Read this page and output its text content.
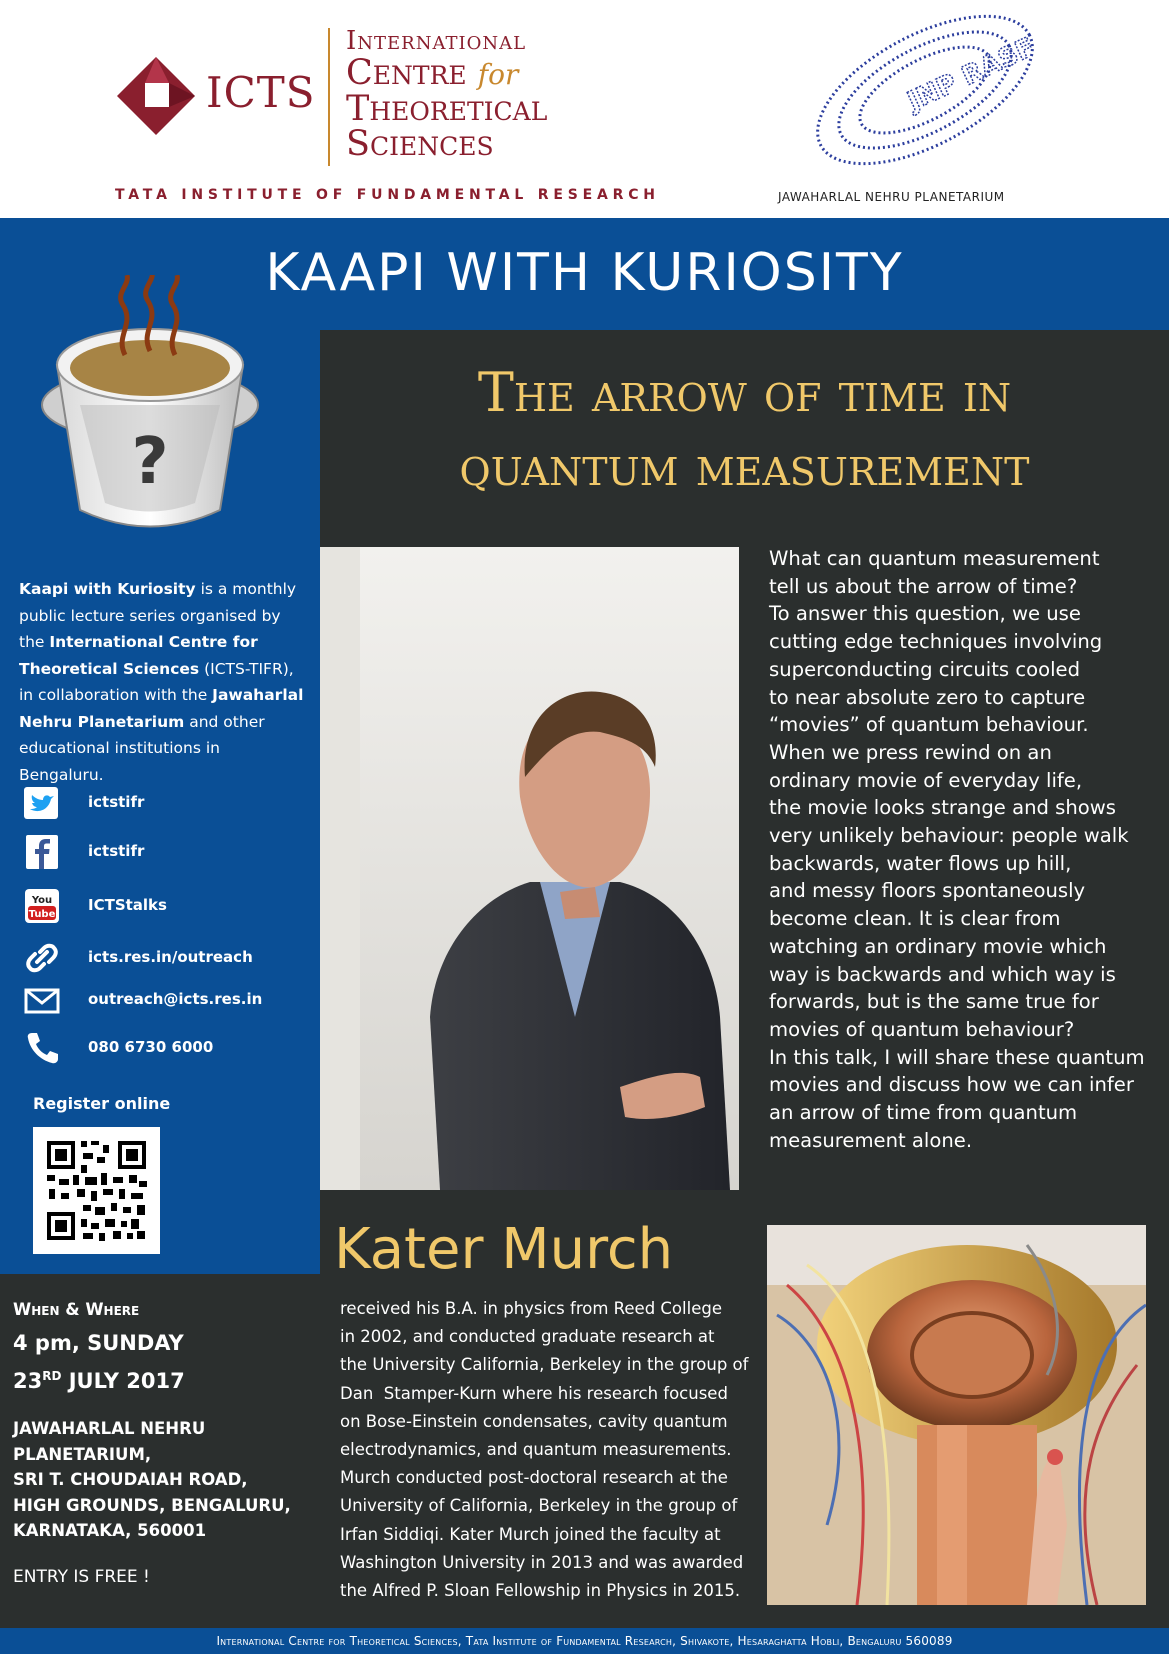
ICTS
International
Centre for
Theoretical
Sciences
TATA INSTITUTE OF FUNDAMENTAL RESEARCH
JNP RASF
JAWAHARLAL NEHRU PLANETARIUM
KAAPI WITH KURIOSITY
The arrow of time in
quantum measurement
?
Kaapi with Kuriosity is a monthly public lecture series organised by the International Centre for Theoretical Sciences (ICTS-TIFR), in collaboration with the Jawaharlal Nehru Planetarium and other educational institutions in Bengaluru.
ictstifr
ictstifr
You
Tube
ICTStalks
icts.res.in/outreach
outreach@icts.res.in
080 6730 6000
Register online
When & Where
4 pm, SUNDAY
23RD JULY 2017
JAWAHARLAL NEHRU
PLANETARIUM,
SRI T. CHOUDAIAH ROAD,
HIGH GROUNDS, BENGALURU,
KARNATAKA, 560001
ENTRY IS FREE !
What can quantum measurement
tell us about the arrow of time?
To answer this question, we use
cutting edge techniques involving
superconducting circuits cooled
to near absolute zero to capture
“movies” of quantum behaviour.
When we press rewind on an
ordinary movie of everyday life,
the movie looks strange and shows
very unlikely behaviour: people walk
backwards, water flows up hill,
and messy floors spontaneously
become clean. It is clear from
watching an ordinary movie which
way is backwards and which way is
forwards, but is the same true for
movies of quantum behaviour?
In this talk, I will share these quantum
movies and discuss how we can infer
an arrow of time from quantum
measurement alone.
Kater Murch
received his B.A. in physics from Reed College
in 2002, and conducted graduate research at
the University California, Berkeley in the group of
Dan  Stamper-Kurn where his research focused
on Bose-Einstein condensates, cavity quantum
electrodynamics, and quantum measurements.
Murch conducted post-doctoral research at the
University of California, Berkeley in the group of
Irfan Siddiqi. Kater Murch joined the faculty at
Washington University in 2013 and was awarded
the Alfred P. Sloan Fellowship in Physics in 2015.
International Centre for Theoretical Sciences, Tata Institute of Fundamental Research, Shivakote, Hesaraghatta Hobli, Bengaluru 560089
